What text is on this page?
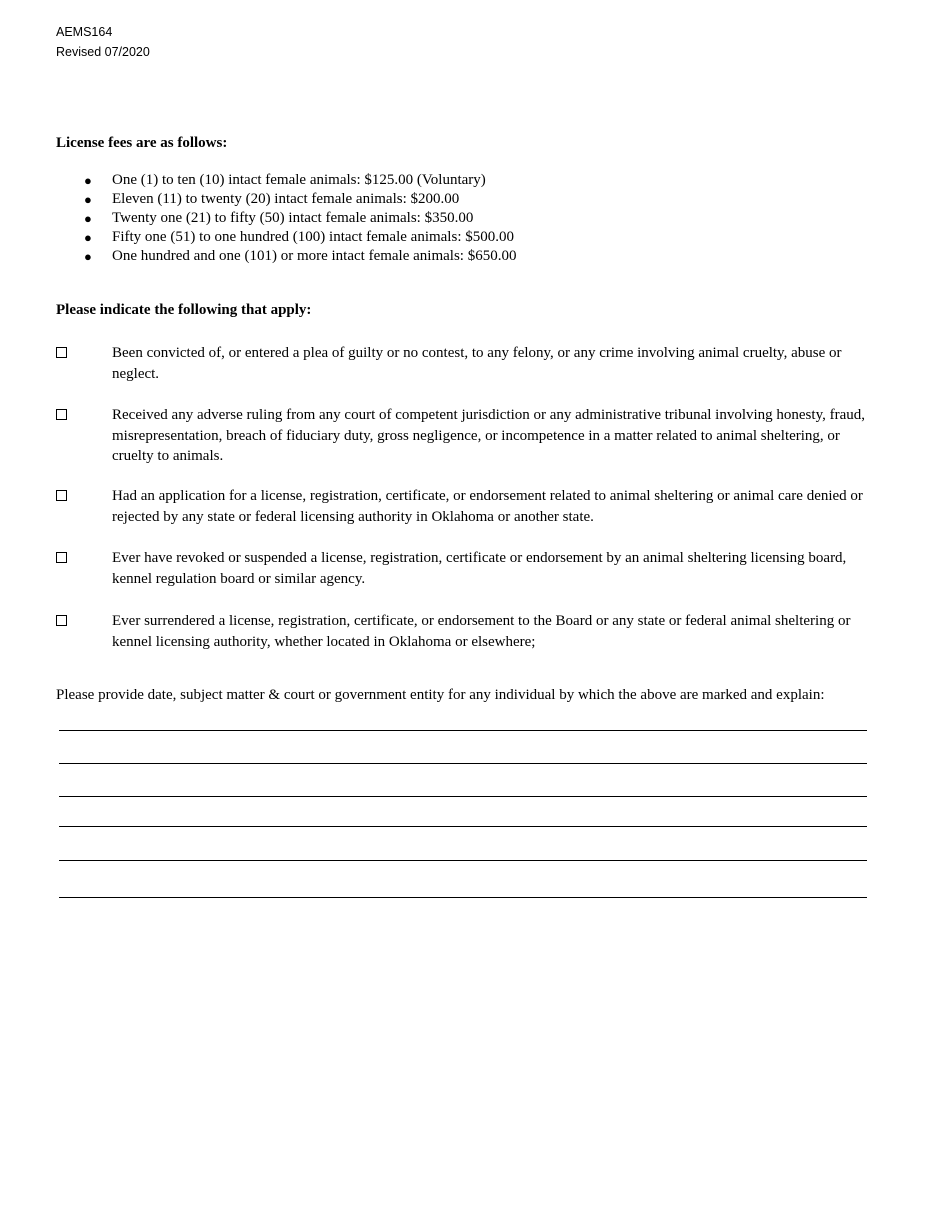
AEMS164
Revised 07/2020
License fees are as follows:
● One (1) to ten (10) intact female animals: $125.00 (Voluntary)
● Eleven (11) to twenty (20) intact female animals: $200.00
● Twenty one (21) to fifty (50) intact female animals: $350.00
● Fifty one (51) to one hundred (100) intact female animals: $500.00
● One hundred and one (101) or more intact female animals: $650.00
Please indicate the following that apply:
Been convicted of, or entered a plea of guilty or no contest, to any felony, or any crime involving animal cruelty, abuse or neglect.
Received any adverse ruling from any court of competent jurisdiction or any administrative tribunal involving honesty, fraud, misrepresentation, breach of fiduciary duty, gross negligence, or incompetence in a matter related to animal sheltering, or cruelty to animals.
Had an application for a license, registration, certificate, or endorsement related to animal sheltering or animal care denied or rejected by any state or federal licensing authority in Oklahoma or another state.
Ever have revoked or suspended a license, registration, certificate or endorsement by an animal sheltering licensing board, kennel regulation board or similar agency.
Ever surrendered a license, registration, certificate, or endorsement to the Board or any state or federal animal sheltering or kennel licensing authority, whether located in Oklahoma or elsewhere;
Please provide date, subject matter & court or government entity for any individual by which the above are marked and explain:
